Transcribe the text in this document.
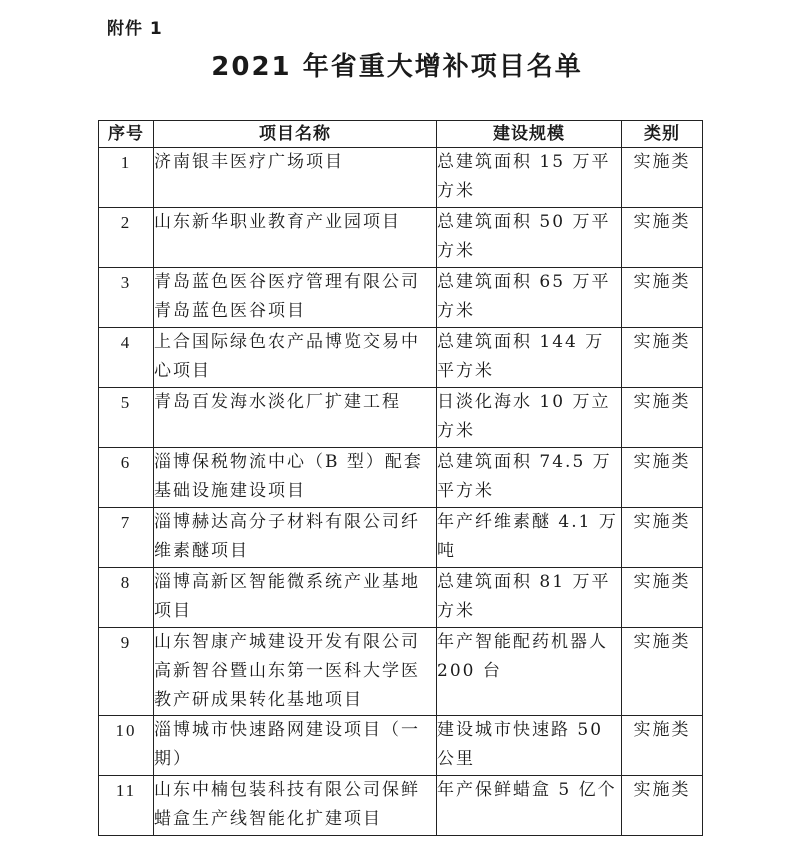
附件 1
2021 年省重大增补项目名单
序号	项目名称	建设规模	类别
1	济南银丰医疗广场项目	总建筑面积 15 万平方米	实施类
2	山东新华职业教育产业园项目	总建筑面积 50 万平方米	实施类
3	青岛蓝色医谷医疗管理有限公司青岛蓝色医谷项目	总建筑面积 65 万平方米	实施类
4	上合国际绿色农产品博览交易中心项目	总建筑面积 144 万平方米	实施类
5	青岛百发海水淡化厂扩建工程	日淡化海水 10 万立方米	实施类
6	淄博保税物流中心（B 型）配套基础设施建设项目	总建筑面积 74.5 万平方米	实施类
7	淄博赫达高分子材料有限公司纤维素醚项目	年产纤维素醚 4.1 万吨	实施类
8	淄博高新区智能微系统产业基地项目	总建筑面积 81 万平方米	实施类
9	山东智康产城建设开发有限公司高新智谷暨山东第一医科大学医教产研成果转化基地项目	年产智能配药机器人 200 台	实施类
10	淄博城市快速路网建设项目（一期）	建设城市快速路 50 公里	实施类
11	山东中楠包装科技有限公司保鲜蜡盒生产线智能化扩建项目	年产保鲜蜡盒 5 亿个	实施类
